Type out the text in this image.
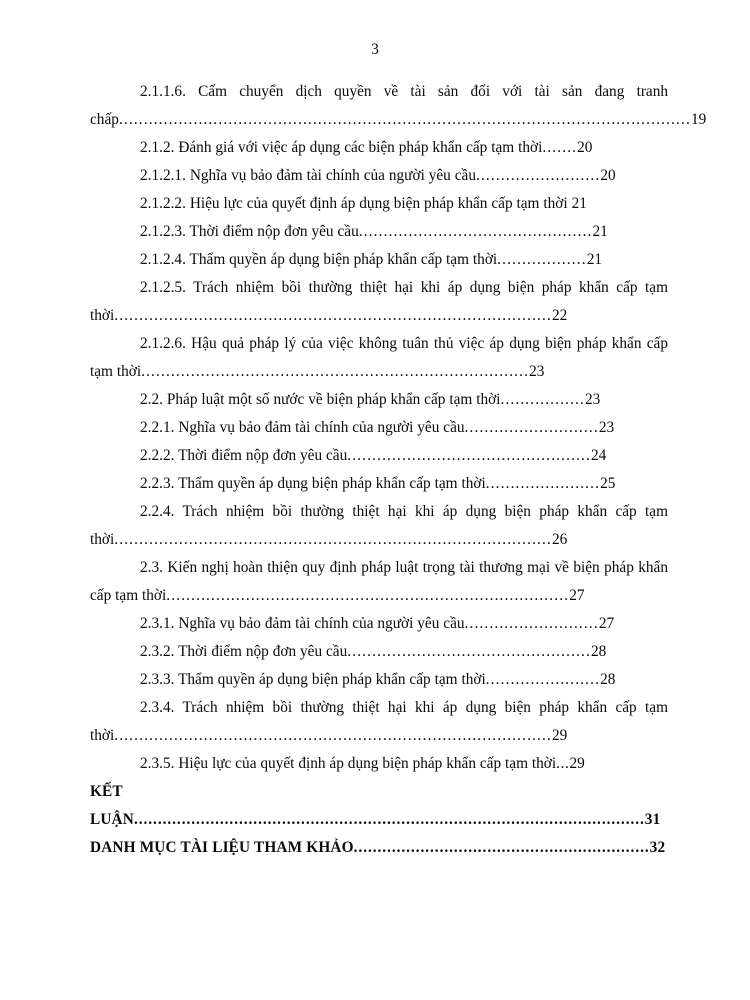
3

2.1.1.6. Cấm chuyển dịch quyền về tài sản đối với tài sản đang tranh chấp...................................................................................................................19

2.1.2. Đánh giá với việc áp dụng các biện pháp khẩn cấp tạm thời.......20

2.1.2.1. Nghĩa vụ bảo đảm tài chính của người yêu cầu.........................20

2.1.2.2. Hiệu lực của quyết định áp dụng biện pháp khẩn cấp tạm thời 21

2.1.2.3. Thời điểm nộp đơn yêu cầu...............................................21

2.1.2.4. Thẩm quyền áp dụng biện pháp khẩn cấp tạm thời..................21

2.1.2.5. Trách nhiệm bồi thường thiệt hại khi áp dụng biện pháp khẩn cấp tạm thời........................................................................................22

2.1.2.6. Hậu quả pháp lý của việc không tuân thủ việc áp dụng biện pháp khẩn cấp tạm thời..............................................................................23

2.2. Pháp luật một số nước về biện pháp khẩn cấp tạm thời.................23

2.2.1. Nghĩa vụ bảo đảm tài chính của người yêu cầu...........................23

2.2.2. Thời điểm nộp đơn yêu cầu.................................................24

2.2.3. Thẩm quyền áp dụng biện pháp khẩn cấp tạm thời.......................25

2.2.4. Trách nhiệm bồi thường thiệt hại khi áp dụng biện pháp khẩn cấp tạm thời........................................................................................26

2.3. Kiến nghị hoàn thiện quy định pháp luật trọng tài thương mại về biện pháp khẩn cấp tạm thời.................................................................................27

2.3.1. Nghĩa vụ bảo đảm tài chính của người yêu cầu...........................27

2.3.2. Thời điểm nộp đơn yêu cầu.................................................28

2.3.3. Thẩm quyền áp dụng biện pháp khẩn cấp tạm thời.......................28

2.3.4. Trách nhiệm bồi thường thiệt hại khi áp dụng biện pháp khẩn cấp tạm thời........................................................................................29

2.3.5. Hiệu lực của quyết định áp dụng biện pháp khẩn cấp tạm thời...29

KẾT LUẬN...........................................................................................................31

DANH MỤC TÀI LIỆU THAM KHẢO..............................................................32
